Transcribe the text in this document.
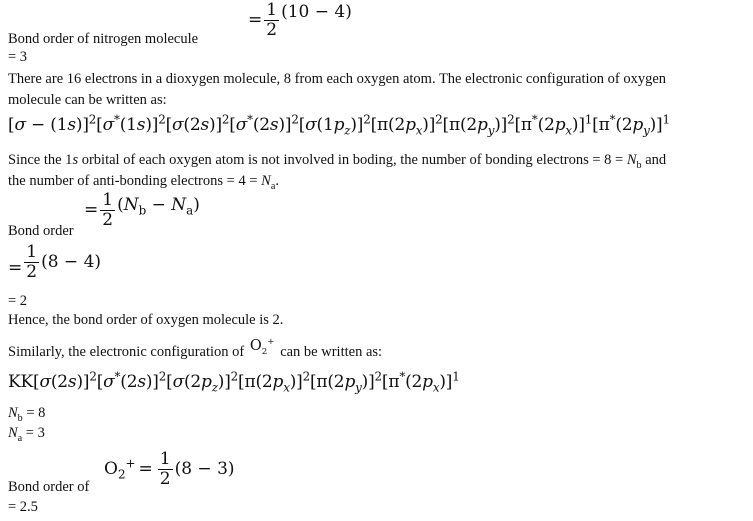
= $\frac{1}{2} (10 - 4)$
Bond order of nitrogen molecule
= 3
There are 16 electrons in a dioxygen molecule, 8 from each oxygen atom. The electronic configuration of oxygen
molecule can be written as:
$[\sigma - (1s)]^2[\sigma^*(1s)]^2[\sigma(2s)]^2[\sigma^*(2s)]^2[\sigma(1p_z)]^2[\pi(2p_x)]^2[\pi(2p_y)]^2[\pi^*(2p_x)]^1[\pi^*(2p_y)]^1$
Since the 1s orbital of each oxygen atom is not involved in boding, the number of bonding electrons = $8 = N_b$ and
the number of anti-bonding electrons = $4 = N_a$.
= $\frac{1}{2} (N_b - N_a)$
Bond order
= $\frac{1}{2} (8 - 4)$
= 2
Hence, the bond order of oxygen molecule is 2.
Similarly, the electronic configuration of $O_2^+$ can be written as:
$KK[\sigma(2s)]^2[\sigma^*(2s)]^2[\sigma(2p_z)]^2[\pi(2p_x)]^2[\pi(2p_y)]^2[\pi^*(2p_x)]^1$
$N_b = 8$
$N_a = 3$
$O_2^+ = \frac{1}{2} (8 - 3)$
Bond order of
= 2.5
